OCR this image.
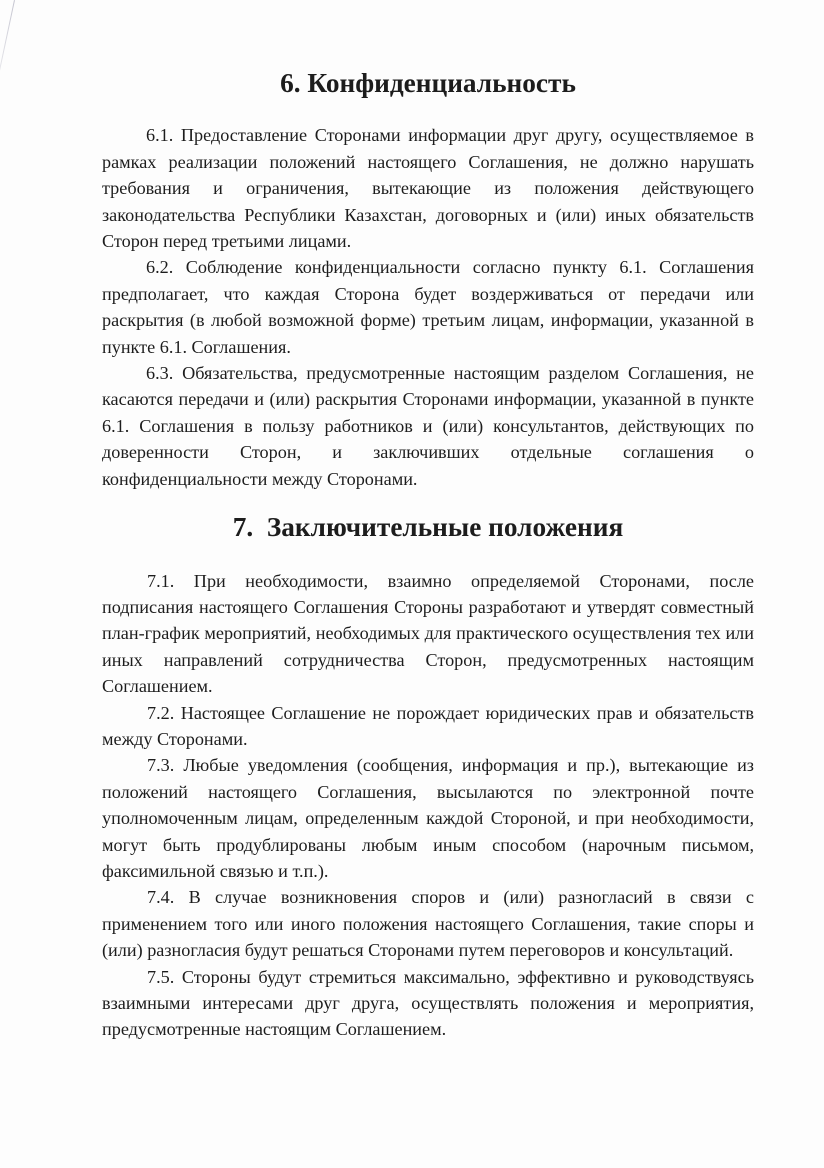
6. Конфиденциальность

6.1. Предоставление Сторонами информации друг другу, осуществляемое в рамках реализации положений настоящего Соглашения, не должно нарушать требования и ограничения, вытекающие из положения действующего законодательства Республики Казахстан, договорных и (или) иных обязательств Сторон перед третьими лицами.

6.2. Соблюдение конфиденциальности согласно пункту 6.1. Соглашения предполагает, что каждая Сторона будет воздерживаться от передачи или раскрытия (в любой возможной форме) третьим лицам, информации, указанной в пункте 6.1. Соглашения.

6.3. Обязательства, предусмотренные настоящим разделом Соглашения, не касаются передачи и (или) раскрытия Сторонами информации, указанной в пункте 6.1. Соглашения в пользу работников и (или) консультантов, действующих по доверенности Сторон, и заключивших отдельные соглашения о конфиденциальности между Сторонами.

7.  Заключительные положения

7.1. При необходимости, взаимно определяемой Сторонами, после подписания настоящего Соглашения Стороны разработают и утвердят совместный план-график мероприятий, необходимых для практического осуществления тех или иных направлений сотрудничества Сторон, предусмотренных настоящим Соглашением.

7.2. Настоящее Соглашение не порождает юридических прав и обязательств между Сторонами.

7.3. Любые уведомления (сообщения, информация и пр.), вытекающие из положений настоящего Соглашения, высылаются по электронной почте уполномоченным лицам, определенным каждой Стороной, и при необходимости, могут быть продублированы любым иным способом (нарочным письмом, факсимильной связью и т.п.).

7.4. В случае возникновения споров и (или) разногласий в связи с применением того или иного положения настоящего Соглашения, такие споры и (или) разногласия будут решаться Сторонами путем переговоров и консультаций.

7.5. Стороны будут стремиться максимально, эффективно и руководствуясь взаимными интересами друг друга, осуществлять положения и мероприятия, предусмотренные настоящим Соглашением.
